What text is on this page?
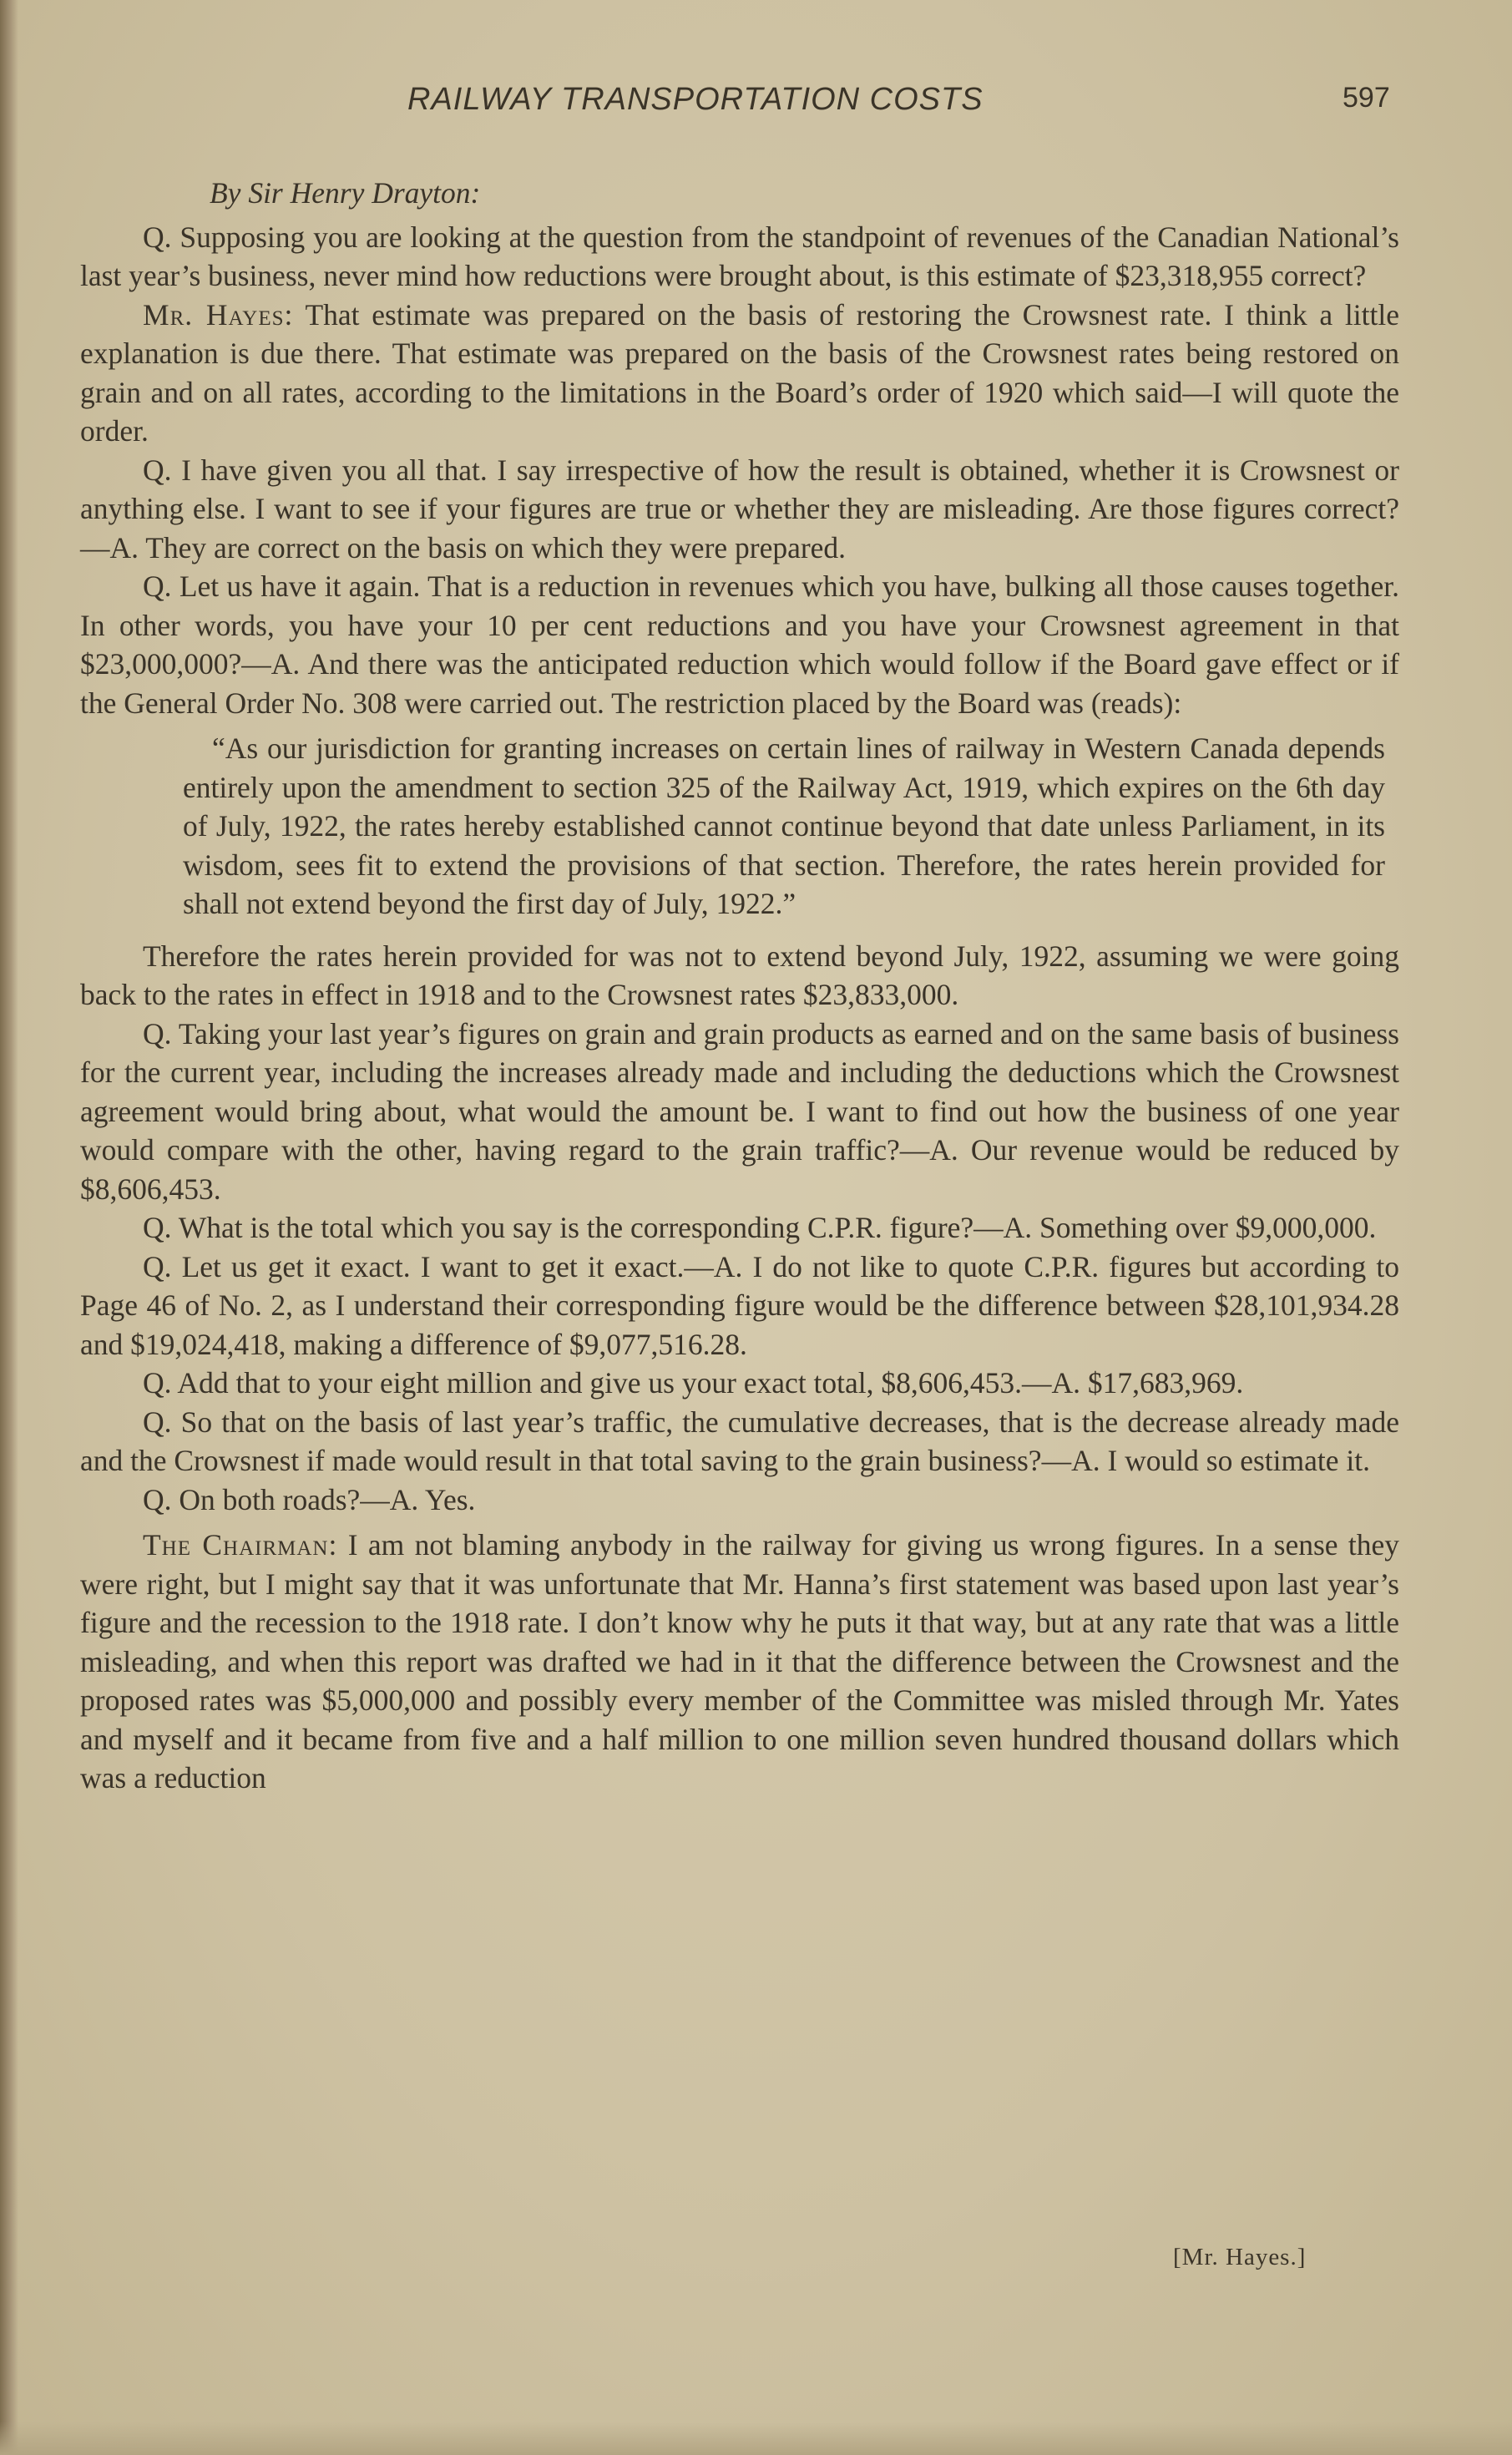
RAILWAY TRANSPORTATION COSTS	597

By Sir Henry Drayton:

Q. Supposing you are looking at the question from the standpoint of revenues of the Canadian National’s last year’s business, never mind how reductions were brought about, is this estimate of $23,318,955 correct?

Mr. Hayes: That estimate was prepared on the basis of restoring the Crowsnest rate. I think a little explanation is due there. That estimate was prepared on the basis of the Crowsnest rates being restored on grain and on all rates, according to the limitations in the Board’s order of 1920 which said—I will quote the order.

Q. I have given you all that. I say irrespective of how the result is obtained, whether it is Crowsnest or anything else. I want to see if your figures are true or whether they are misleading. Are those figures correct?—A. They are correct on the basis on which they were prepared.

Q. Let us have it again. That is a reduction in revenues which you have, bulking all those causes together. In other words, you have your 10 per cent reductions and you have your Crowsnest agreement in that $23,000,000?—A. And there was the anticipated reduction which would follow if the Board gave effect or if the General Order No. 308 were carried out. The restriction placed by the Board was (reads):

“As our jurisdiction for granting increases on certain lines of railway in Western Canada depends entirely upon the amendment to section 325 of the Railway Act, 1919, which expires on the 6th day of July, 1922, the rates hereby established cannot continue beyond that date unless Parliament, in its wisdom, sees fit to extend the provisions of that section. Therefore, the rates herein provided for shall not extend beyond the first day of July, 1922.”

Therefore the rates herein provided for was not to extend beyond July, 1922, assuming we were going back to the rates in effect in 1918 and to the Crowsnest rates $23,833,000.

Q. Taking your last year’s figures on grain and grain products as earned and on the same basis of business for the current year, including the increases already made and including the deductions which the Crowsnest agreement would bring about, what would the amount be. I want to find out how the business of one year would compare with the other, having regard to the grain traffic?—A. Our revenue would be reduced by $8,606,453.

Q. What is the total which you say is the corresponding C.P.R. figure?—A. Something over $9,000,000.

Q. Let us get it exact. I want to get it exact.—A. I do not like to quote C.P.R. figures but according to Page 46 of No. 2, as I understand their corresponding figure would be the difference between $28,101,934.28 and $19,024,418, making a difference of $9,077,516.28.

Q. Add that to your eight million and give us your exact total, $8,606,453.—A. $17,683,969.

Q. So that on the basis of last year’s traffic, the cumulative decreases, that is the decrease already made and the Crowsnest if made would result in that total saving to the grain business?—A. I would so estimate it.

Q. On both roads?—A. Yes.

The Chairman: I am not blaming anybody in the railway for giving us wrong figures. In a sense they were right, but I might say that it was unfortunate that Mr. Hanna’s first statement was based upon last year’s figure and the recession to the 1918 rate. I don’t know why he puts it that way, but at any rate that was a little misleading, and when this report was drafted we had in it that the difference between the Crowsnest and the proposed rates was $5,000,000 and possibly every member of the Committee was misled through Mr. Yates and myself and it became from five and a half million to one million seven hundred thousand dollars which was a reduction

[Mr. Hayes.]
